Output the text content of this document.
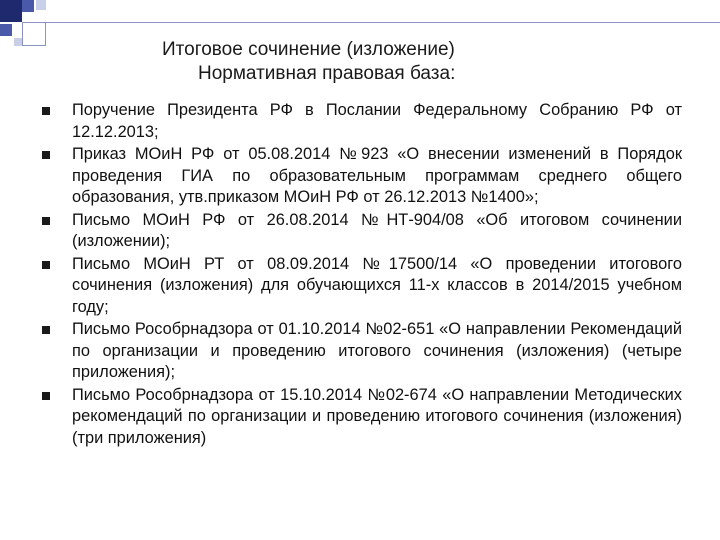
Итоговое сочинение (изложение)
Нормативная правовая база:
Поручение Президента РФ в Послании Федеральному Собранию РФ от 12.12.2013;
Приказ МОиН РФ от 05.08.2014 №923 «О внесении изменений в Порядок проведения ГИА по образовательным программам среднего общего образования, утв.приказом МОиН РФ от 26.12.2013 №1400»;
Письмо МОиН РФ от 26.08.2014 №НТ-904/08 «Об итоговом сочинении (изложении);
Письмо МОиН РТ от 08.09.2014 №17500/14 «О проведении итогового сочинения (изложения) для обучающихся 11-х классов в 2014/2015 учебном году;
Письмо Рособрнадзора от 01.10.2014 №02-651 «О направлении Рекомендаций по организации и проведению итогового сочинения (изложения) (четыре приложения);
Письмо Рособрнадзора от 15.10.2014 №02-674 «О направлении Методических рекомендаций по организации и проведению итогового сочинения (изложения) (три приложения)
